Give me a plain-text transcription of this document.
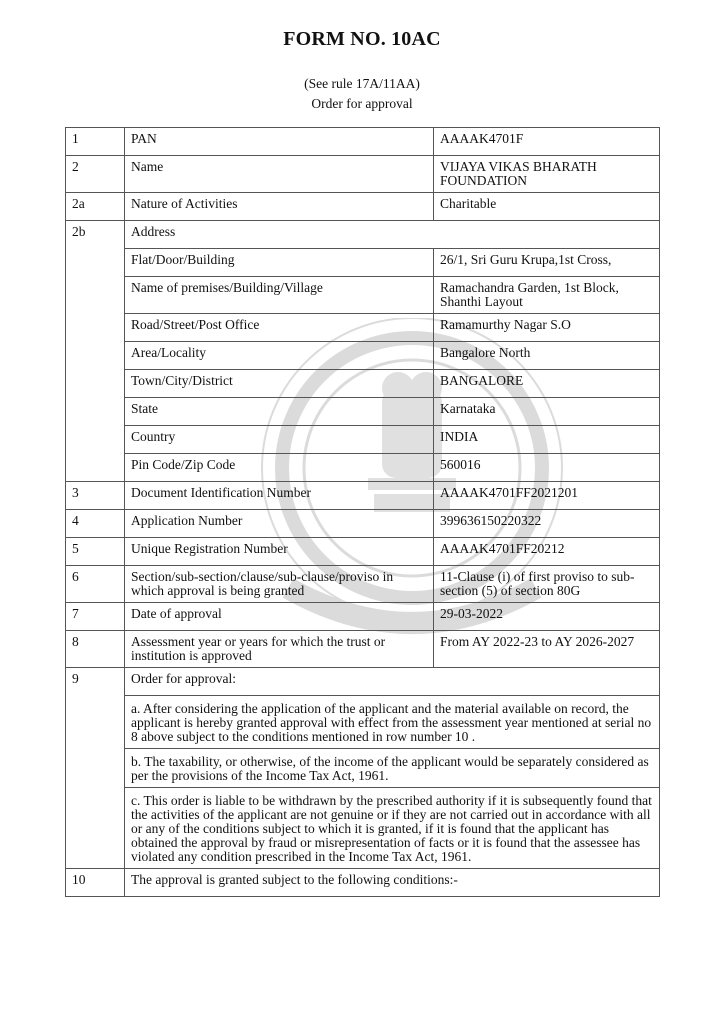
FORM NO. 10AC
(See rule 17A/11AA)
Order for approval
1	PAN	AAAAK4701F
2	Name	VIJAYA VIKAS BHARATH FOUNDATION
2a	Nature of Activities	Charitable
2b	Address	
	Flat/Door/Building	26/1, Sri Guru Krupa,1st Cross,
	Name of premises/Building/Village	Ramachandra Garden, 1st Block, Shanthi Layout
	Road/Street/Post Office	Ramamurthy Nagar S.O
	Area/Locality	Bangalore North
	Town/City/District	BANGALORE
	State	Karnataka
	Country	INDIA
	Pin Code/Zip Code	560016
3	Document Identification Number	AAAAK4701FF2021201
4	Application Number	399636150220322
5	Unique Registration Number	AAAAK4701FF20212
6	Section/sub-section/clause/sub-clause/proviso in which approval is being granted	11-Clause (i) of first proviso to sub-section (5) of section 80G
7	Date of approval	29-03-2022
8	Assessment year or years for which the trust or institution is approved	From AY 2022-23 to AY 2026-2027
9	Order for approval:	
	a. After considering the application of the applicant and the material available on record, the applicant is hereby granted approval with effect from the assessment year mentioned at serial no 8 above subject to the conditions mentioned in row number 10 .	
	b. The taxability, or otherwise, of the income of the applicant would be separately considered as per the provisions of the Income Tax Act, 1961.	
	c. This order is liable to be withdrawn by the prescribed authority if it is subsequently found that the activities of the applicant are not genuine or if they are not carried out in accordance with all or any of the conditions subject to which it is granted, if it is found that the applicant has obtained the approval by fraud or misrepresentation of facts or it is found that the assessee has violated any condition prescribed in the Income Tax Act, 1961.	
10	The approval is granted subject to the following conditions:-	
